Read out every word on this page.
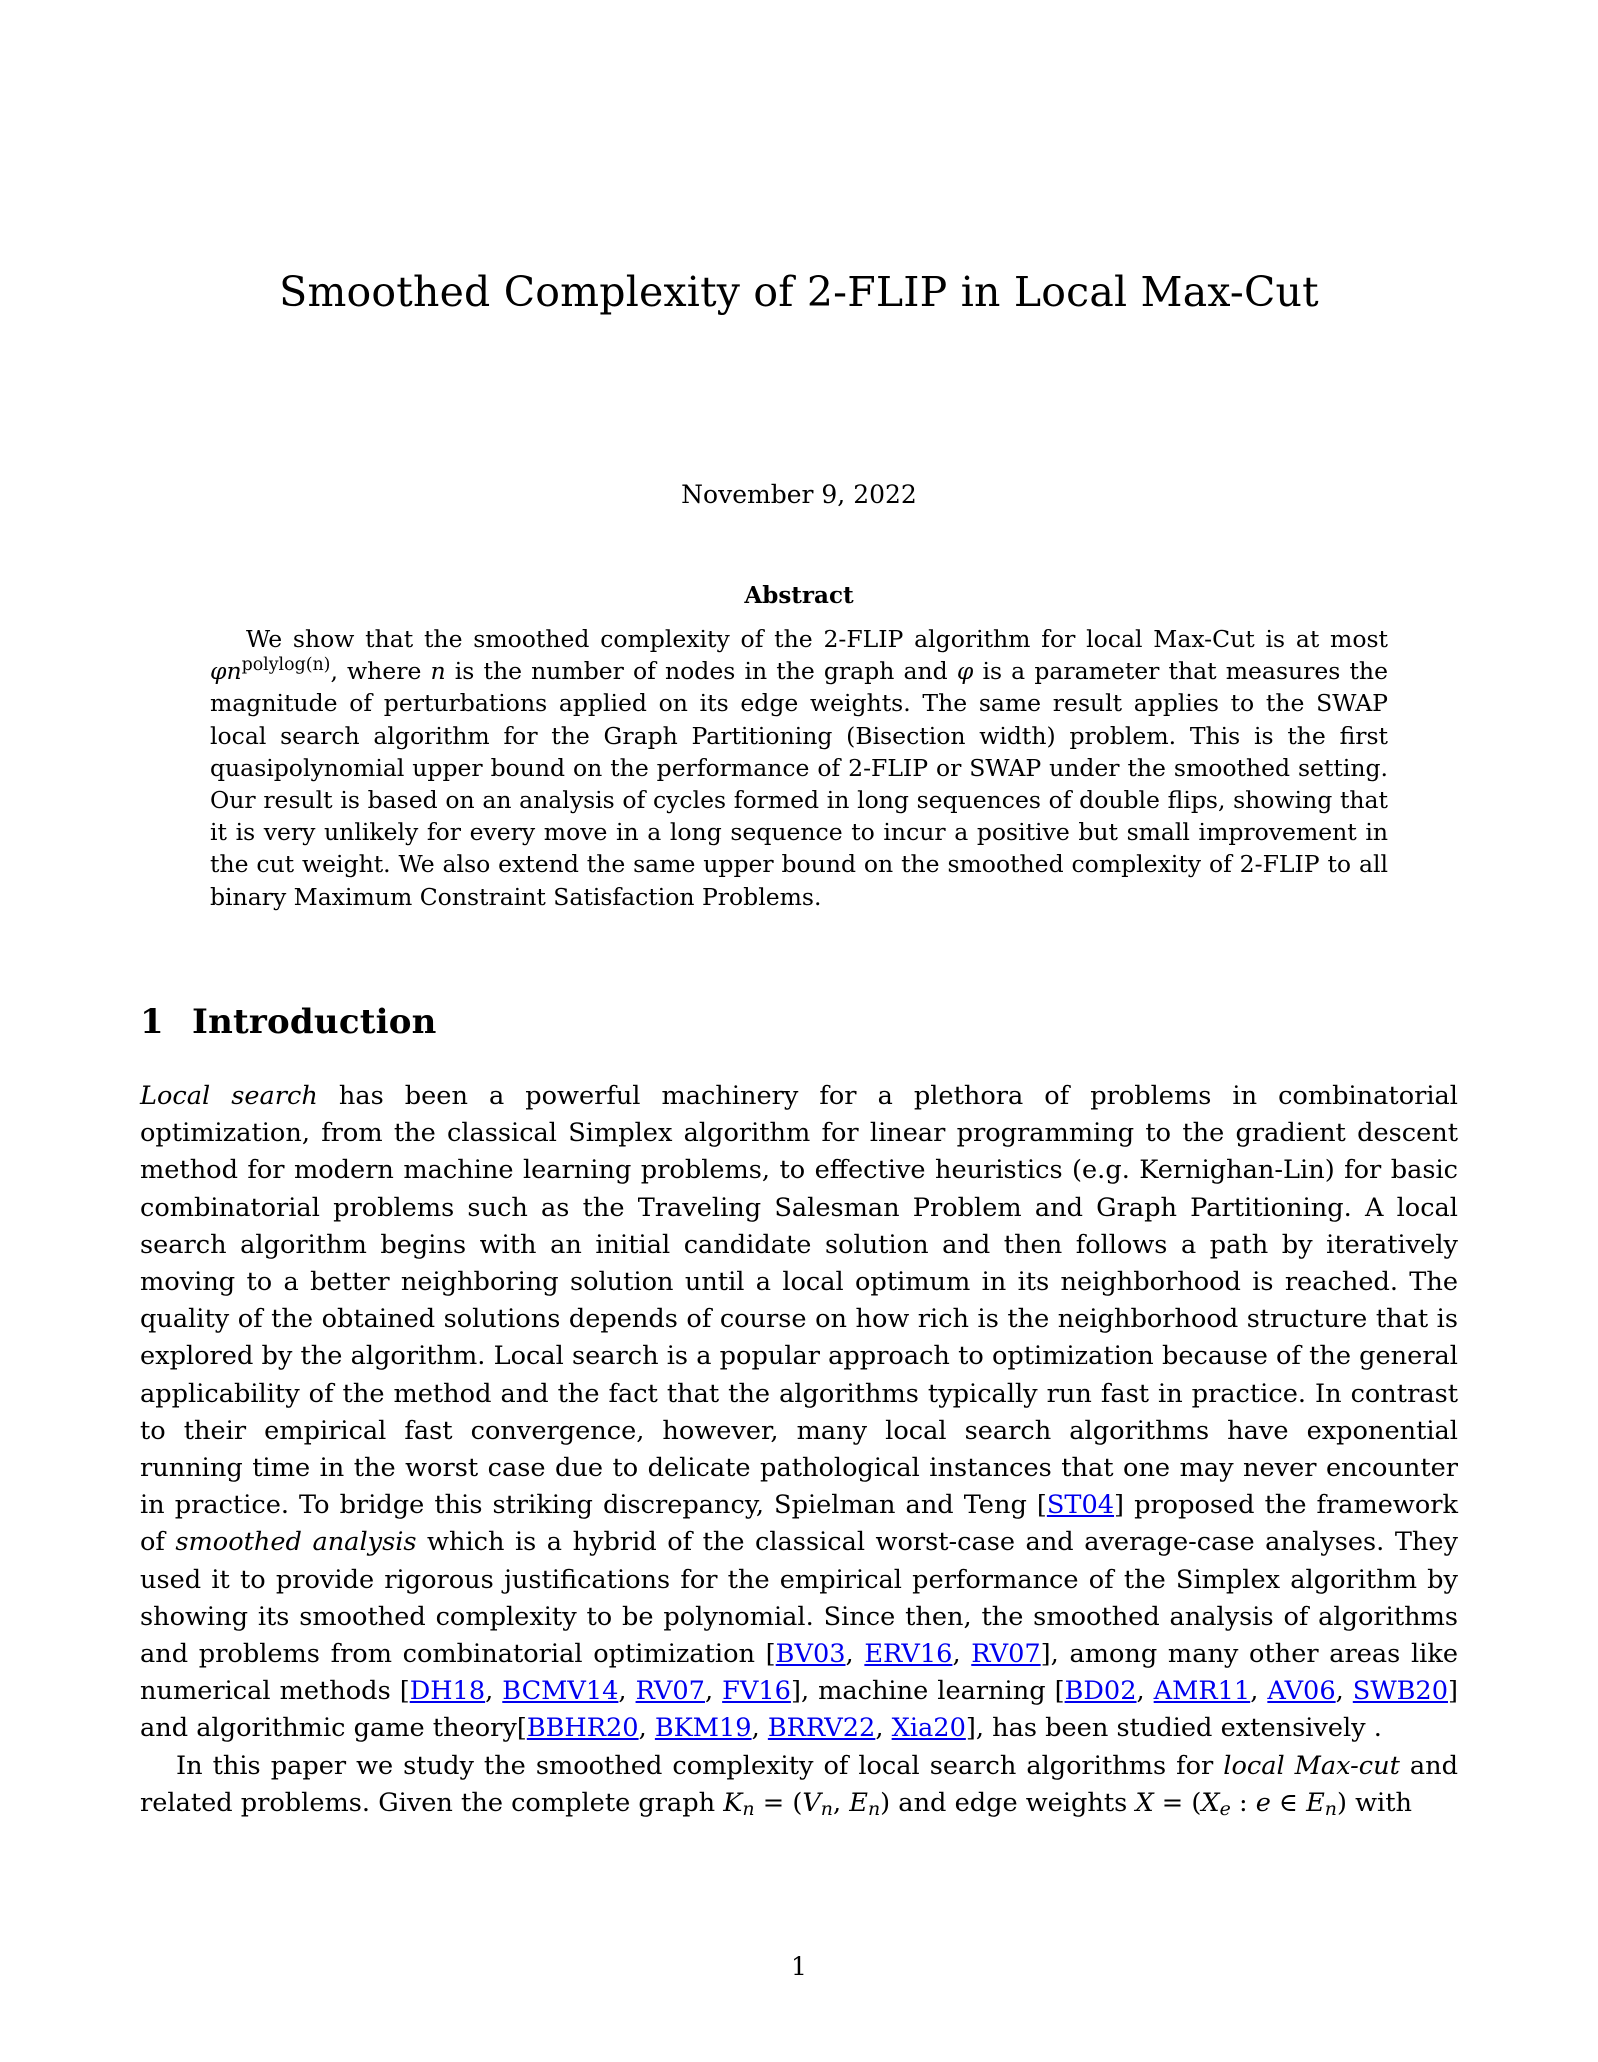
Smoothed Complexity of 2-FLIP in Local Max-Cut
November 9, 2022
Abstract

We show that the smoothed complexity of the 2-FLIP algorithm for local Max-Cut is at most $\varphi n^{polylog(n)}$, where n is the number of nodes in the graph and φ is a parameter that measures the magnitude of perturbations applied on its edge weights. The same result applies to the SWAP local search algorithm for the Graph Partitioning (Bisection width) problem. This is the first quasipolynomial upper bound on the performance of 2-FLIP or SWAP under the smoothed setting. Our result is based on an analysis of cycles formed in long sequences of double flips, showing that it is very unlikely for every move in a long sequence to incur a positive but small improvement in the cut weight. We also extend the same upper bound on the smoothed complexity of 2-FLIP to all binary Maximum Constraint Satisfaction Problems.

1 Introduction

Local search has been a powerful machinery for a plethora of problems in combinatorial optimization, from the classical Simplex algorithm for linear programming to the gradient descent method for modern machine learning problems, to effective heuristics (e.g. Kernighan-Lin) for basic combinatorial problems such as the Traveling Salesman Problem and Graph Partitioning. A local search algorithm begins with an initial candidate solution and then follows a path by iteratively moving to a better neighboring solution until a local optimum in its neighborhood is reached. The quality of the obtained solutions depends of course on how rich is the neighborhood structure that is explored by the algorithm. Local search is a popular approach to optimization because of the general applicability of the method and the fact that the algorithms typically run fast in practice. In contrast to their empirical fast convergence, however, many local search algorithms have exponential running time in the worst case due to delicate pathological instances that one may never encounter in practice. To bridge this striking discrepancy, Spielman and Teng [ST04] proposed the framework of smoothed analysis which is a hybrid of the classical worst-case and average-case analyses. They used it to provide rigorous justifications for the empirical performance of the Simplex algorithm by showing its smoothed complexity to be polynomial. Since then, the smoothed analysis of algorithms and problems from combinatorial optimization [BV03, ERV16, RV07], among many other areas like numerical methods [DH18, BCMV14, RV07, FV16], machine learning [BD02, AMR11, AV06, SWB20] and algorithmic game theory[BBHR20, BKM19, BRRV22, Xia20], has been studied extensively .

In this paper we study the smoothed complexity of local search algorithms for local Max-cut and related problems. Given the complete graph $K_n = (V_n$, $E_n$) and edge weights $X = (X_e$ : e ∈ $E_n$) with

1
